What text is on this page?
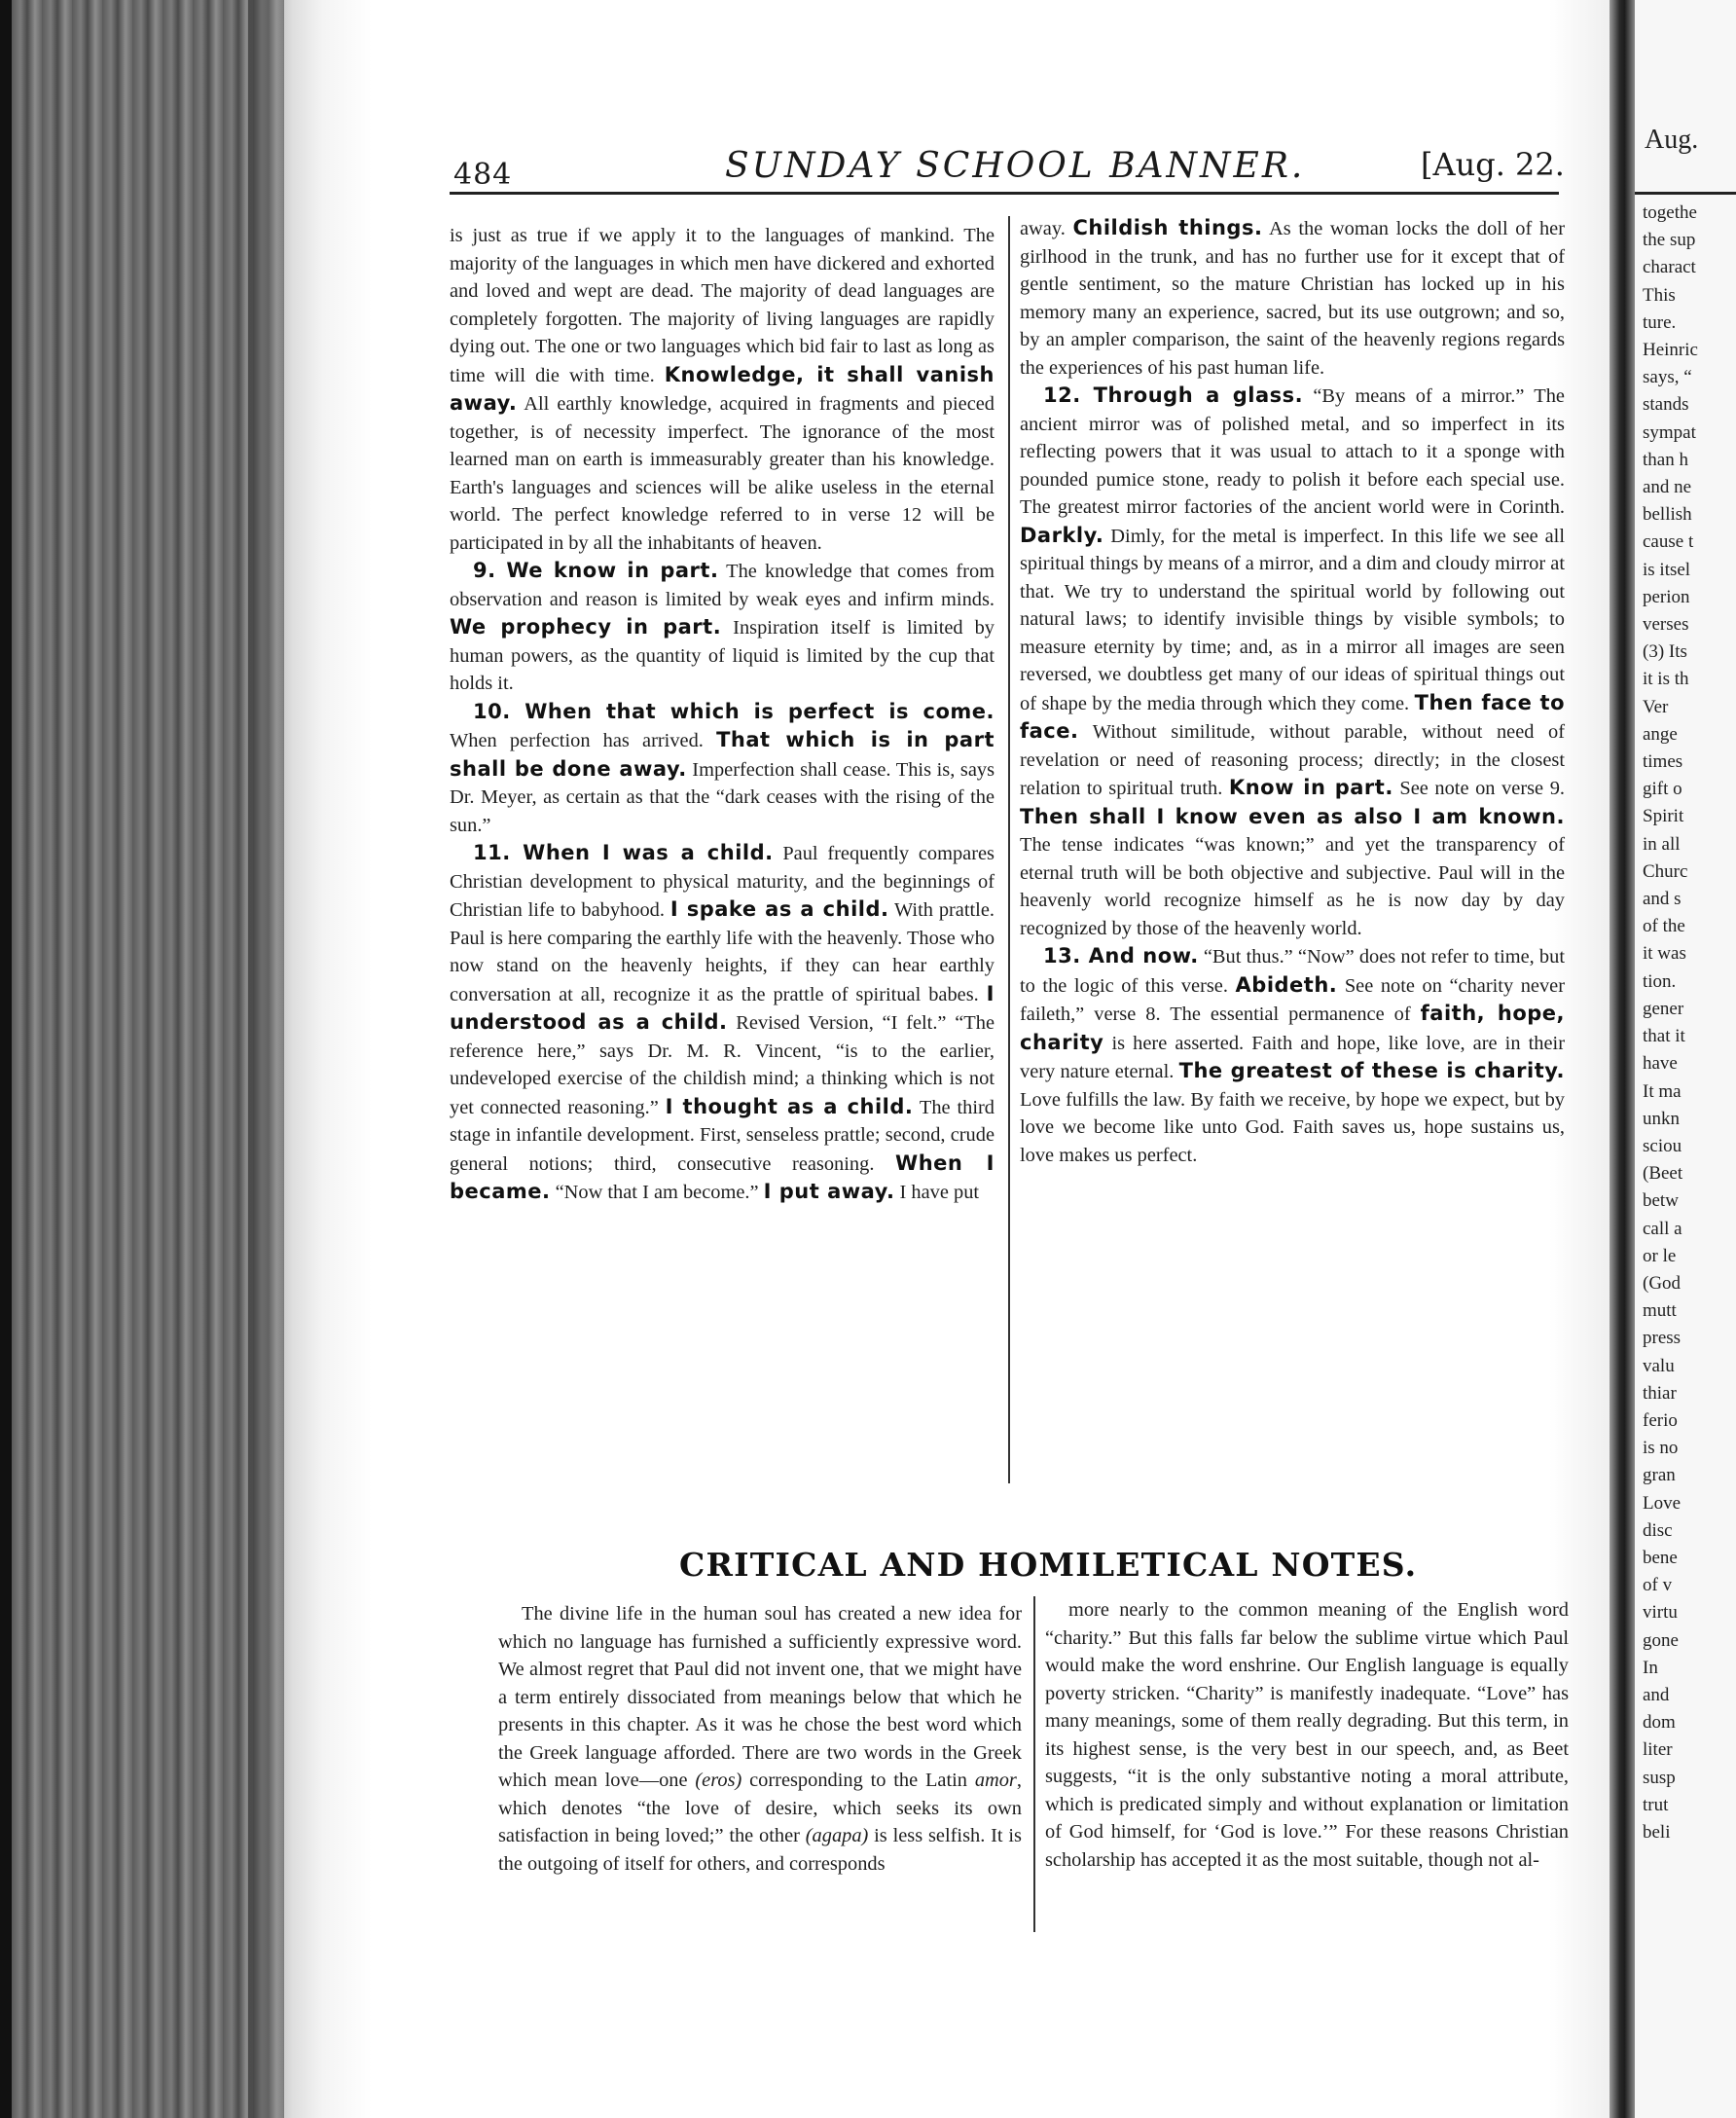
Aug.
togethe
the sup
charact
This
ture.
Heinric
says, “
stands
sympat
than h
and ne
bellish
cause t
is itsel
perion
verses
(3) Its
it is th
Ver
ange
times
gift o
Spirit
in all
Churc
and s
of the
it was
tion.
gener
that it
have
It ma
unkn
sciou
(Beet
betw
call a
or le
(God
mutt
press
valu
thiar
ferio
is no
gran
Love
disc
bene
of v
virtu
gone
In
and
dom
liter
susp
trut
beli
484	SUNDAY SCHOOL BANNER.	[Aug. 22.

is just as true if we apply it to the languages of mankind. The majority of the languages in which men have dickered and exhorted and loved and wept are dead. The majority of dead languages are completely forgotten. The majority of living languages are rapidly dying out. The one or two languages which bid fair to last as long as time will die with time. Knowledge, it shall vanish away. All earthly knowledge, acquired in fragments and pieced together, is of necessity imperfect. The ignorance of the most learned man on earth is immeasurably greater than his knowledge. Earth's languages and sciences will be alike useless in the eternal world. The perfect knowledge referred to in verse 12 will be participated in by all the inhabitants of heaven.

9. We know in part. The knowledge that comes from observation and reason is limited by weak eyes and infirm minds. We prophecy in part. Inspiration itself is limited by human powers, as the quantity of liquid is limited by the cup that holds it.

10. When that which is perfect is come. When perfection has arrived. That which is in part shall be done away. Imperfection shall cease. This is, says Dr. Meyer, as certain as that the “dark ceases with the rising of the sun.”

11. When I was a child. Paul frequently compares Christian development to physical maturity, and the beginnings of Christian life to babyhood. I spake as a child. With prattle. Paul is here comparing the earthly life with the heavenly. Those who now stand on the heavenly heights, if they can hear earthly conversation at all, recognize it as the prattle of spiritual babes. I understood as a child. Revised Version, “I felt.” “The reference here,” says Dr. M. R. Vincent, “is to the earlier, undeveloped exercise of the childish mind; a thinking which is not yet connected reasoning.” I thought as a child. The third stage in infantile development. First, senseless prattle; second, crude general notions; third, consecutive reasoning. When I became. “Now that I am become.” I put away. I have put

away. Childish things. As the woman locks the doll of her girlhood in the trunk, and has no further use for it except that of gentle sentiment, so the mature Christian has locked up in his memory many an experience, sacred, but its use outgrown; and so, by an ampler comparison, the saint of the heavenly regions regards the experiences of his past human life.

12. Through a glass. “By means of a mirror.” The ancient mirror was of polished metal, and so imperfect in its reflecting powers that it was usual to attach to it a sponge with pounded pumice stone, ready to polish it before each special use. The greatest mirror factories of the ancient world were in Corinth. Darkly. Dimly, for the metal is imperfect. In this life we see all spiritual things by means of a mirror, and a dim and cloudy mirror at that. We try to understand the spiritual world by following out natural laws; to identify invisible things by visible symbols; to measure eternity by time; and, as in a mirror all images are seen reversed, we doubtless get many of our ideas of spiritual things out of shape by the media through which they come. Then face to face. Without similitude, without parable, without need of revelation or need of reasoning process; directly; in the closest relation to spiritual truth. Know in part. See note on verse 9. Then shall I know even as also I am known. The tense indicates “was known;” and yet the transparency of eternal truth will be both objective and subjective. Paul will in the heavenly world recognize himself as he is now day by day recognized by those of the heavenly world.

13. And now. “But thus.” “Now” does not refer to time, but to the logic of this verse. Abideth. See note on “charity never faileth,” verse 8. The essential permanence of faith, hope, charity is here asserted. Faith and hope, like love, are in their very nature eternal. The greatest of these is charity. Love fulfills the law. By faith we receive, by hope we expect, but by love we become like unto God. Faith saves us, hope sustains us, love makes us perfect.

CRITICAL AND HOMILETICAL NOTES.

The divine life in the human soul has created a new idea for which no language has furnished a sufficiently expressive word. We almost regret that Paul did not invent one, that we might have a term entirely dissociated from meanings below that which he presents in this chapter. As it was he chose the best word which the Greek language afforded. There are two words in the Greek which mean love—one (eros) corresponding to the Latin amor, which denotes “the love of desire, which seeks its own satisfaction in being loved;” the other (agapa) is less selfish. It is the outgoing of itself for others, and corresponds

more nearly to the common meaning of the English word “charity.” But this falls far below the sublime virtue which Paul would make the word enshrine. Our English language is equally poverty stricken. “Charity” is manifestly inadequate. “Love” has many meanings, some of them really degrading. But this term, in its highest sense, is the very best in our speech, and, as Beet suggests, “it is the only substantive noting a moral attribute, which is predicated simply and without explanation or limitation of God himself, for ‘God is love.’” For these reasons Christian scholarship has accepted it as the most suitable, though not al-
